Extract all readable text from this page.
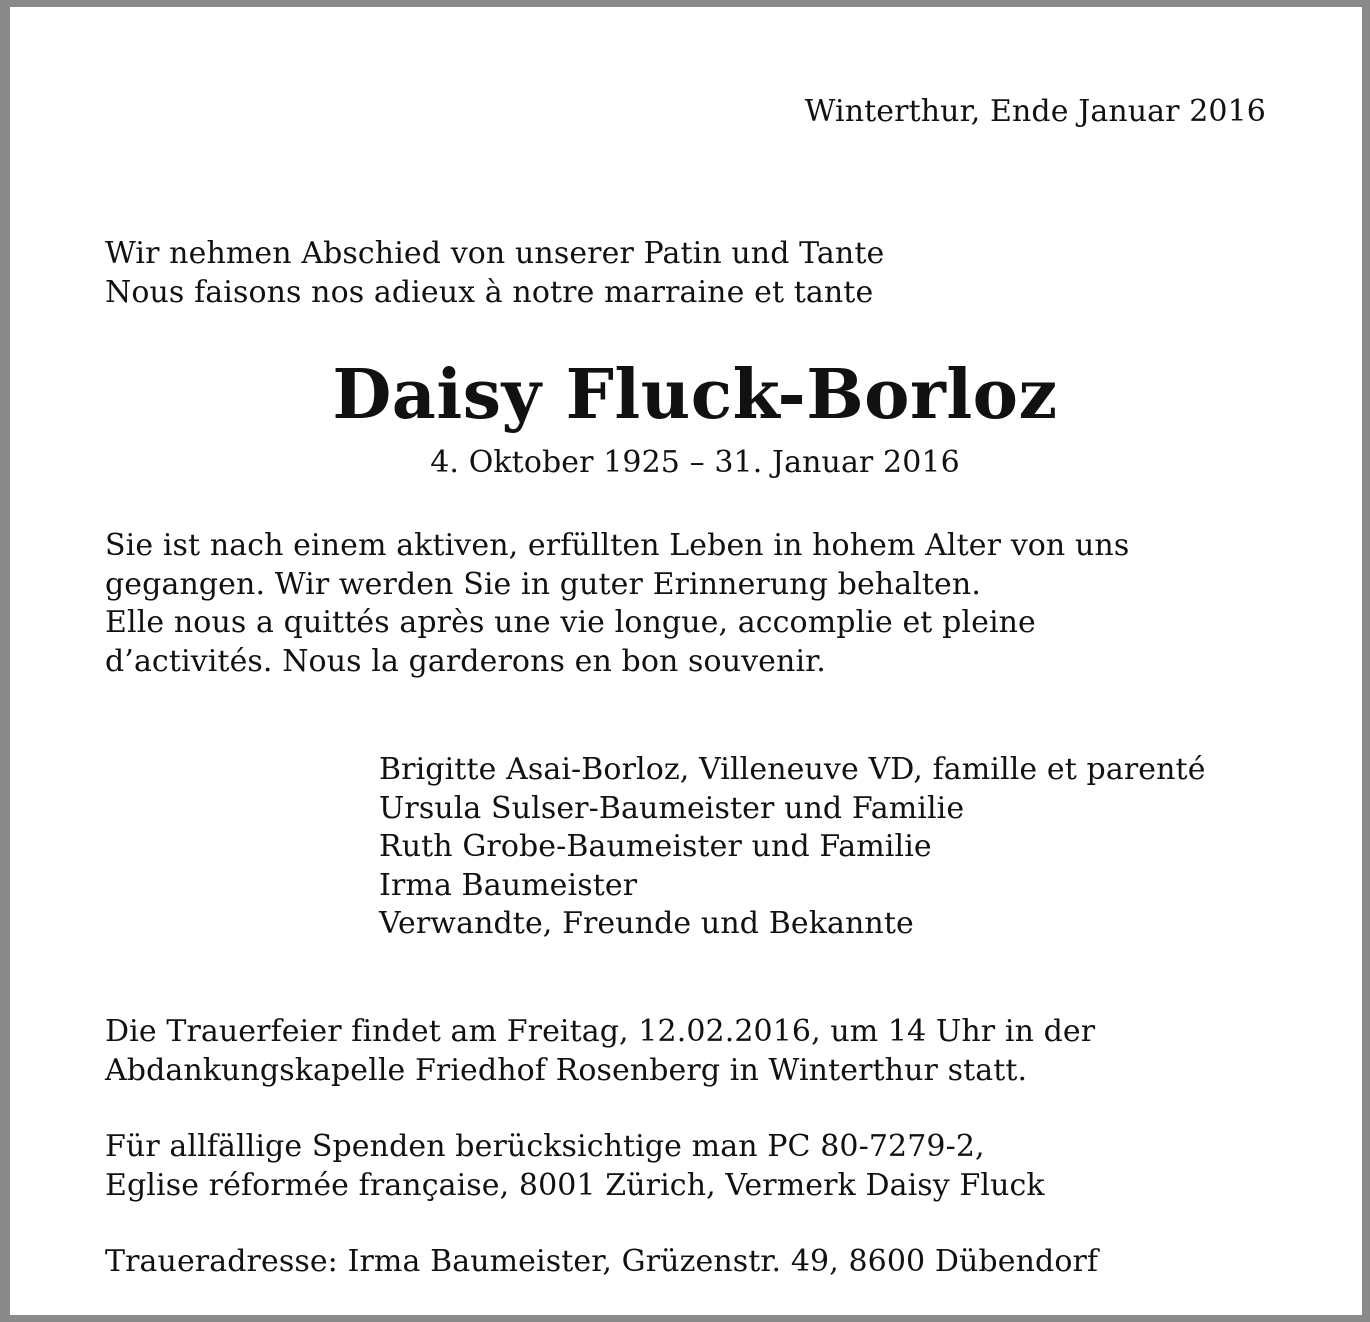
Winterthur, Ende Januar 2016
Wir nehmen Abschied von unserer Patin und Tante
Nous faisons nos adieux à notre marraine et tante
Daisy Fluck-Borloz
4. Oktober 1925 – 31. Januar 2016
Sie ist nach einem aktiven, erfüllten Leben in hohem Alter von uns
gegangen. Wir werden Sie in guter Erinnerung behalten.
Elle nous a quittés après une vie longue, accomplie et pleine
d’activités. Nous la garderons en bon souvenir.
Brigitte Asai-Borloz, Villeneuve VD, famille et parenté
Ursula Sulser-Baumeister und Familie
Ruth Grobe-Baumeister und Familie
Irma Baumeister
Verwandte, Freunde und Bekannte
Die Trauerfeier findet am Freitag, 12.02.2016, um 14 Uhr in der
Abdankungskapelle Friedhof Rosenberg in Winterthur statt.
Für allfällige Spenden berücksichtige man PC 80-7279-2,
Eglise réformée française, 8001 Zürich, Vermerk Daisy Fluck
Traueradresse: Irma Baumeister, Grüzenstr. 49, 8600 Dübendorf
